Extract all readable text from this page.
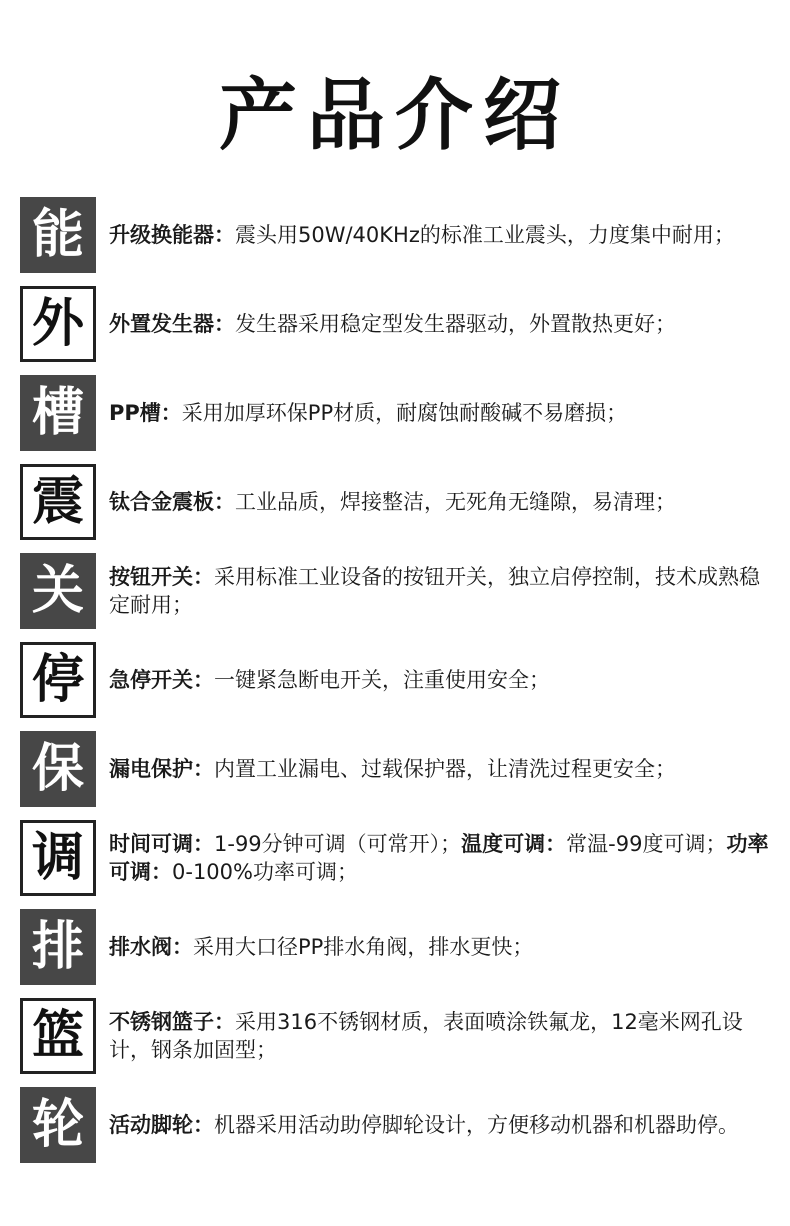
产品介绍
能	升级换能器：震头用50W/40KHz的标准工业震头，力度集中耐用；
外	外置发生器：发生器采用稳定型发生器驱动，外置散热更好；
槽	PP槽：采用加厚环保PP材质，耐腐蚀耐酸碱不易磨损；
震	钛合金震板：工业品质，焊接整洁，无死角无缝隙，易清理；
关	按钮开关：采用标准工业设备的按钮开关，独立启停控制，技术成熟稳定耐用；
停	急停开关：一键紧急断电开关，注重使用安全；
保	漏电保护：内置工业漏电、过载保护器，让清洗过程更安全；
调	时间可调：1-99分钟可调（可常开）；温度可调：常温-99度可调；功率可调：0-100%功率可调；
排	排水阀：采用大口径PP排水角阀，排水更快；
篮	不锈钢篮子：采用316不锈钢材质，表面喷涂铁氟龙，12毫米网孔设计，钢条加固型；
轮	活动脚轮：机器采用活动助停脚轮设计，方便移动机器和机器助停。
